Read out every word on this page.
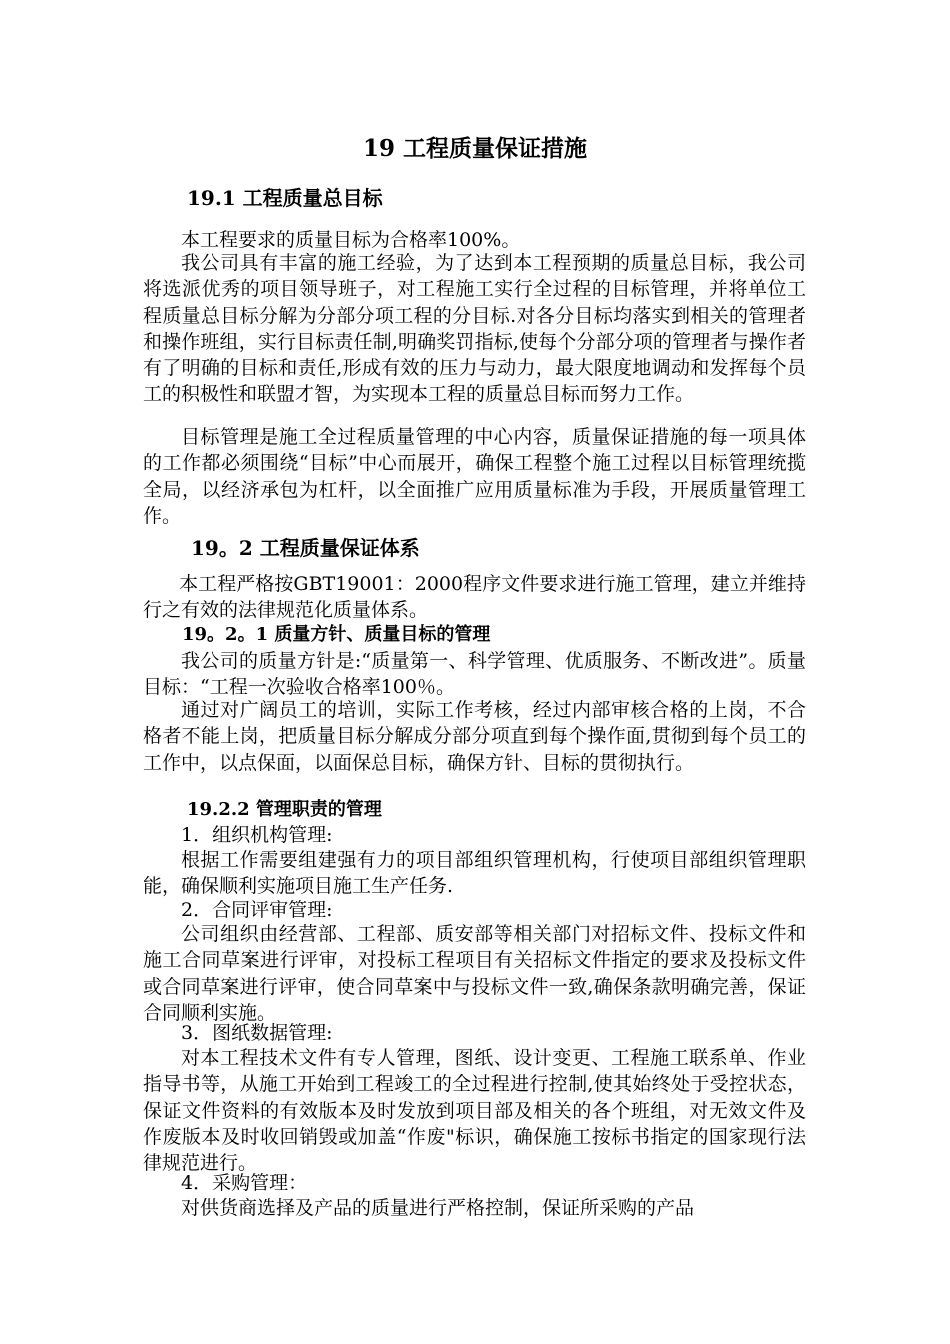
19 工程质量保证措施
19.1 工程质量总目标
本工程要求的质量目标为合格率100%。
我公司具有丰富的施工经验，为了达到本工程预期的质量总目标，我公司将选派优秀的项目领导班子，对工程施工实行全过程的目标管理，并将单位工程质量总目标分解为分部分项工程的分目标.对各分目标均落实到相关的管理者和操作班组，实行目标责任制,明确奖罚指标,使每个分部分项的管理者与操作者有了明确的目标和责任,形成有效的压力与动力，最大限度地调动和发挥每个员工的积极性和联盟才智，为实现本工程的质量总目标而努力工作。
目标管理是施工全过程质量管理的中心内容，质量保证措施的每一项具体的工作都必须围绕“目标”中心而展开，确保工程整个施工过程以目标管理统揽全局，以经济承包为杠杆，以全面推广应用质量标准为手段，开展质量管理工作。
19。2 工程质量保证体系
本工程严格按GBT19001：2000程序文件要求进行施工管理，建立并维持行之有效的法律规范化质量体系。
19。2。1 质量方针、质量目标的管理
我公司的质量方针是:“质量第一、科学管理、优质服务、不断改进”。质量目标：“工程一次验收合格率100％。
通过对广阔员工的培训，实际工作考核，经过内部审核合格的上岗，不合格者不能上岗，把质量目标分解成分部分项直到每个操作面,贯彻到每个员工的工作中，以点保面，以面保总目标，确保方针、目标的贯彻执行。
19.2.2 管理职责的管理
1．组织机构管理:
根据工作需要组建强有力的项目部组织管理机构，行使项目部组织管理职能，确保顺利实施项目施工生产任务.
2．合同评审管理:
公司组织由经营部、工程部、质安部等相关部门对招标文件、投标文件和施工合同草案进行评审，对投标工程项目有关招标文件指定的要求及投标文件或合同草案进行评审，使合同草案中与投标文件一致,确保条款明确完善，保证合同顺利实施。
3．图纸数据管理:
对本工程技术文件有专人管理，图纸、设计变更、工程施工联系单、作业指导书等，从施工开始到工程竣工的全过程进行控制,使其始终处于受控状态，保证文件资料的有效版本及时发放到项目部及相关的各个班组，对无效文件及作废版本及时收回销毁或加盖“作废"标识，确保施工按标书指定的国家现行法律规范进行。
4．采购管理：
对供货商选择及产品的质量进行严格控制，保证所采购的产品
